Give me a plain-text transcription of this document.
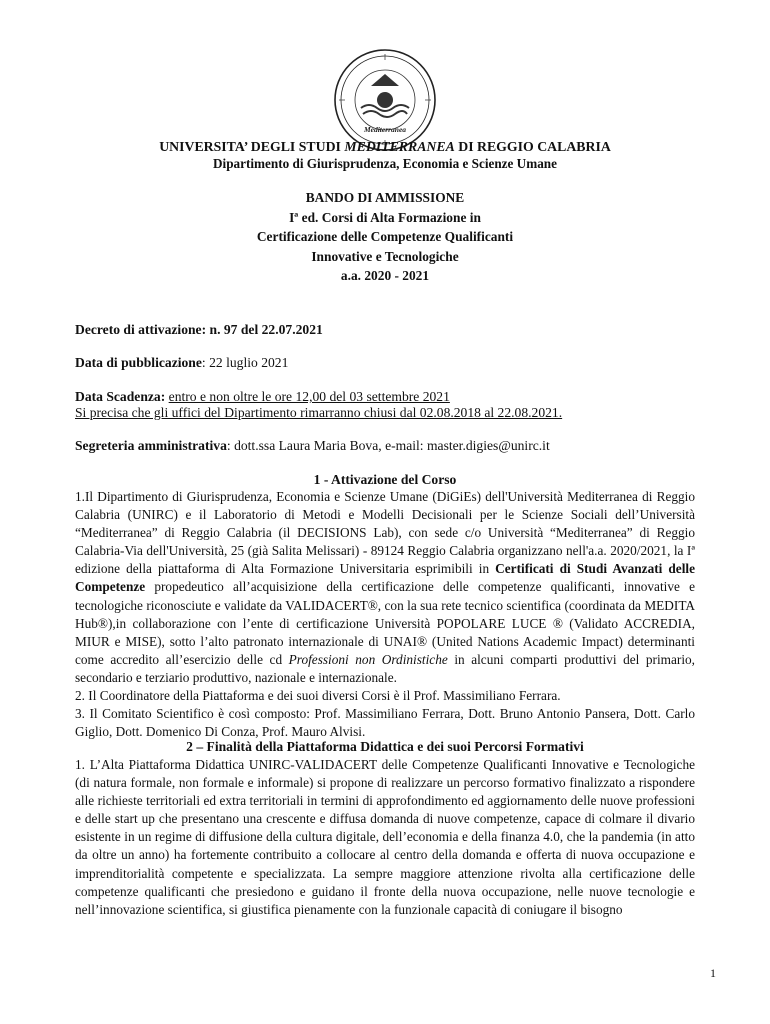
Mediterranea
UNIVERSITA’ DEGLI STUDI MEDITERRANEA DI REGGIO CALABRIA
Dipartimento di Giurisprudenza, Economia e Scienze Umane
BANDO DI AMMISSIONE
Iª ed. Corsi di Alta Formazione in
Certificazione delle Competenze Qualificanti
Innovative e Tecnologiche
a.a. 2020 - 2021
Decreto di attivazione: n. 97 del 22.07.2021
Data di pubblicazione: 22 luglio 2021
Data Scadenza: entro e non oltre le ore 12,00 del 03 settembre 2021
Si precisa che gli uffici del Dipartimento rimarranno chiusi dal 02.08.2018 al 22.08.2021.
Segreteria amministrativa: dott.ssa Laura Maria Bova, e-mail: master.digies@unirc.it
1 - Attivazione del Corso

1.Il Dipartimento di Giurisprudenza, Economia e Scienze Umane (DiGiEs) dell'Università Mediterranea di Reggio Calabria (UNIRC) e il Laboratorio di Metodi e Modelli Decisionali per le Scienze Sociali dell’Università “Mediterranea” di Reggio Calabria (il DECISIONS Lab), con sede c/o Università “Mediterranea” di Reggio Calabria-Via dell'Università, 25 (già Salita Melissari) - 89124 Reggio Calabria organizzano nell'a.a. 2020/2021, la Iª edizione della piattaforma di Alta Formazione Universitaria esprimibili in Certificati di Studi Avanzati delle Competenze propedeutico all’acquisizione della certificazione delle competenze qualificanti, innovative e tecnologiche riconosciute e validate da VALIDACERT®, con la sua rete tecnico scientifica (coordinata da MEDITA Hub®),in collaborazione con l’ente di certificazione Università POPOLARE LUCE ® (Validato ACCREDIA, MIUR e MISE), sotto l’alto patronato internazionale di UNAI® (United Nations Academic Impact) determinanti come accredito all’esercizio delle cd Professioni non Ordinistiche in alcuni comparti produttivi del primario, secondario e terziario produttivo, nazionale e internazionale.

2. Il Coordinatore della Piattaforma e dei suoi diversi Corsi è il Prof. Massimiliano Ferrara.

3. Il Comitato Scientifico è così composto: Prof. Massimiliano Ferrara, Dott. Bruno Antonio Pansera, Dott. Carlo Giglio, Dott. Domenico Di Conza, Prof. Mauro Alvisi.

2 – Finalità della Piattaforma Didattica e dei suoi Percorsi Formativi

1. L’Alta Piattaforma Didattica UNIRC-VALIDACERT delle Competenze Qualificanti Innovative e Tecnologiche (di natura formale, non formale e informale) si propone di realizzare un percorso formativo finalizzato a rispondere alle richieste territoriali ed extra territoriali in termini di approfondimento ed aggiornamento delle nuove professioni e delle start up che presentano una crescente e diffusa domanda di nuove competenze, capace di colmare il divario esistente in un regime di diffusione della cultura digitale, dell’economia e della finanza 4.0, che la pandemia (in atto da oltre un anno) ha fortemente contribuito a collocare al centro della domanda e offerta di nuova occupazione e imprenditorialità competente e specializzata. La sempre maggiore attenzione rivolta alla certificazione delle competenze qualificanti che presiedono e guidano il fronte della nuova occupazione, nelle nuove tecnologie e nell’innovazione scientifica, si giustifica pienamente con la funzionale capacità di coniugare il bisogno

1
